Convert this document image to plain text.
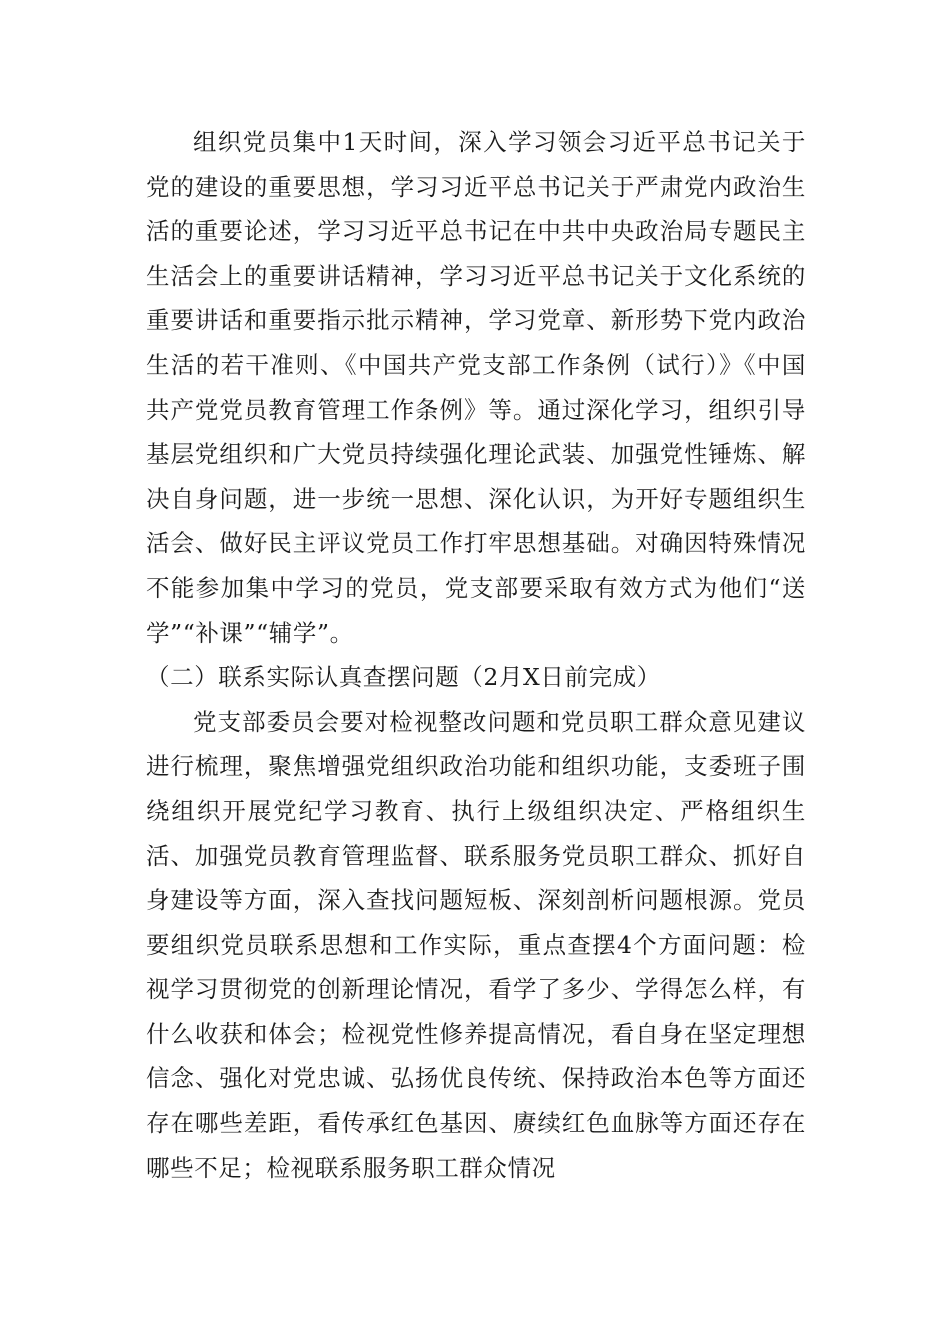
组织党员集中1天时间，深入学习领会习近平总书记关于党的建设的重要思想，学习习近平总书记关于严肃党内政治生活的重要论述，学习习近平总书记在中共中央政治局专题民主生活会上的重要讲话精神，学习习近平总书记关于文化系统的重要讲话和重要指示批示精神，学习党章、新形势下党内政治生活的若干准则、《中国共产党支部工作条例（试行）》《中国共产党党员教育管理工作条例》等。通过深化学习，组织引导基层党组织和广大党员持续强化理论武装、加强党性锤炼、解决自身问题，进一步统一思想、深化认识，为开好专题组织生活会、做好民主评议党员工作打牢思想基础。对确因特殊情况不能参加集中学习的党员，党支部要采取有效方式为他们“送学”“补课”“辅学”。

（二）联系实际认真查摆问题（2月X日前完成）

党支部委员会要对检视整改问题和党员职工群众意见建议进行梳理，聚焦增强党组织政治功能和组织功能，支委班子围绕组织开展党纪学习教育、执行上级组织决定、严格组织生活、加强党员教育管理监督、联系服务党员职工群众、抓好自身建设等方面，深入查找问题短板、深刻剖析问题根源。党员要组织党员联系思想和工作实际，重点查摆4个方面问题：检视学习贯彻党的创新理论情况，看学了多少、学得怎么样，有什么收获和体会；检视党性修养提高情况，看自身在坚定理想信念、强化对党忠诚、弘扬优良传统、保持政治本色等方面还存在哪些差距，看传承红色基因、赓续红色血脉等方面还存在哪些不足；检视联系服务职工群众情况
